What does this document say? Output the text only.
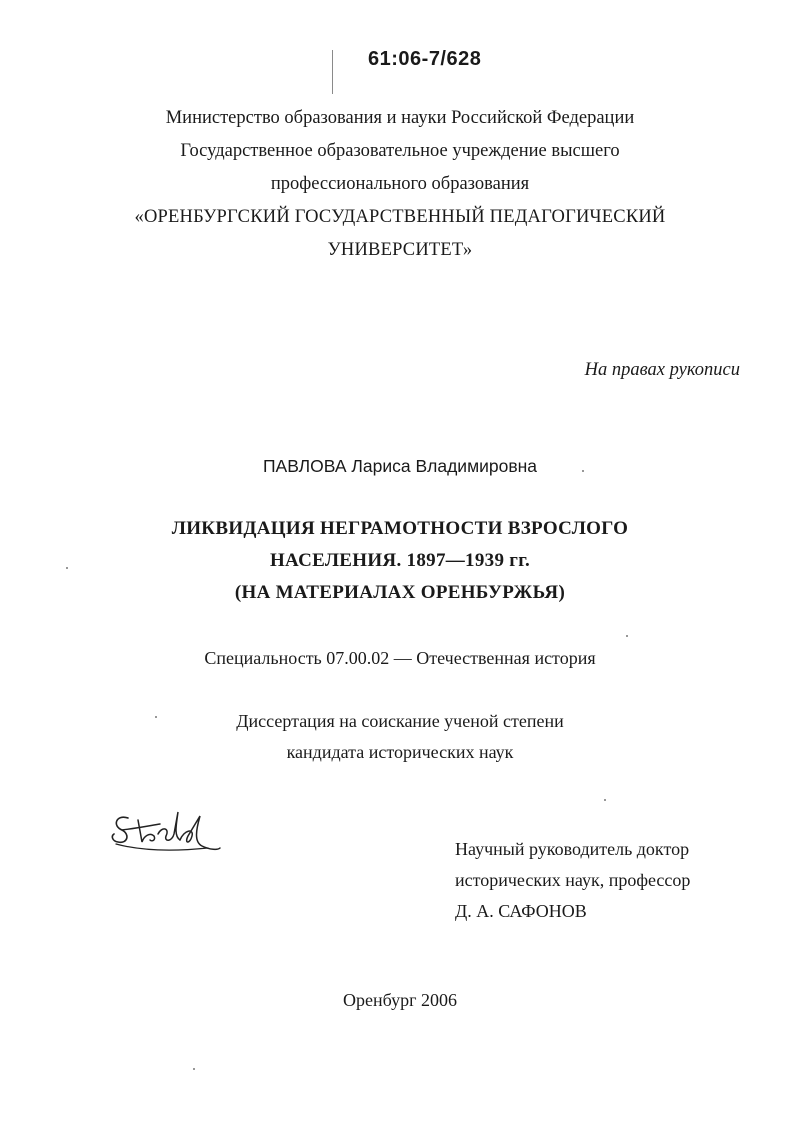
61:06-7/628
Министерство образования и науки Российской Федерации
Государственное образовательное учреждение высшего
профессионального образования
«ОРЕНБУРГСКИЙ ГОСУДАРСТВЕННЫЙ ПЕДАГОГИЧЕСКИЙ
УНИВЕРСИТЕТ»
На правах рукописи
ПАВЛОВА Лариса Владимировна
ЛИКВИДАЦИЯ НЕГРАМОТНОСТИ ВЗРОСЛОГО
НАСЕЛЕНИЯ. 1897—1939 гг.
(НА МАТЕРИАЛАХ ОРЕНБУРЖЬЯ)
Специальность 07.00.02 — Отечественная история
Диссертация на соискание ученой степени
кандидата исторических наук
Научный руководитель доктор
исторических наук, профессор
Д. А. САФОНОВ
Оренбург 2006
